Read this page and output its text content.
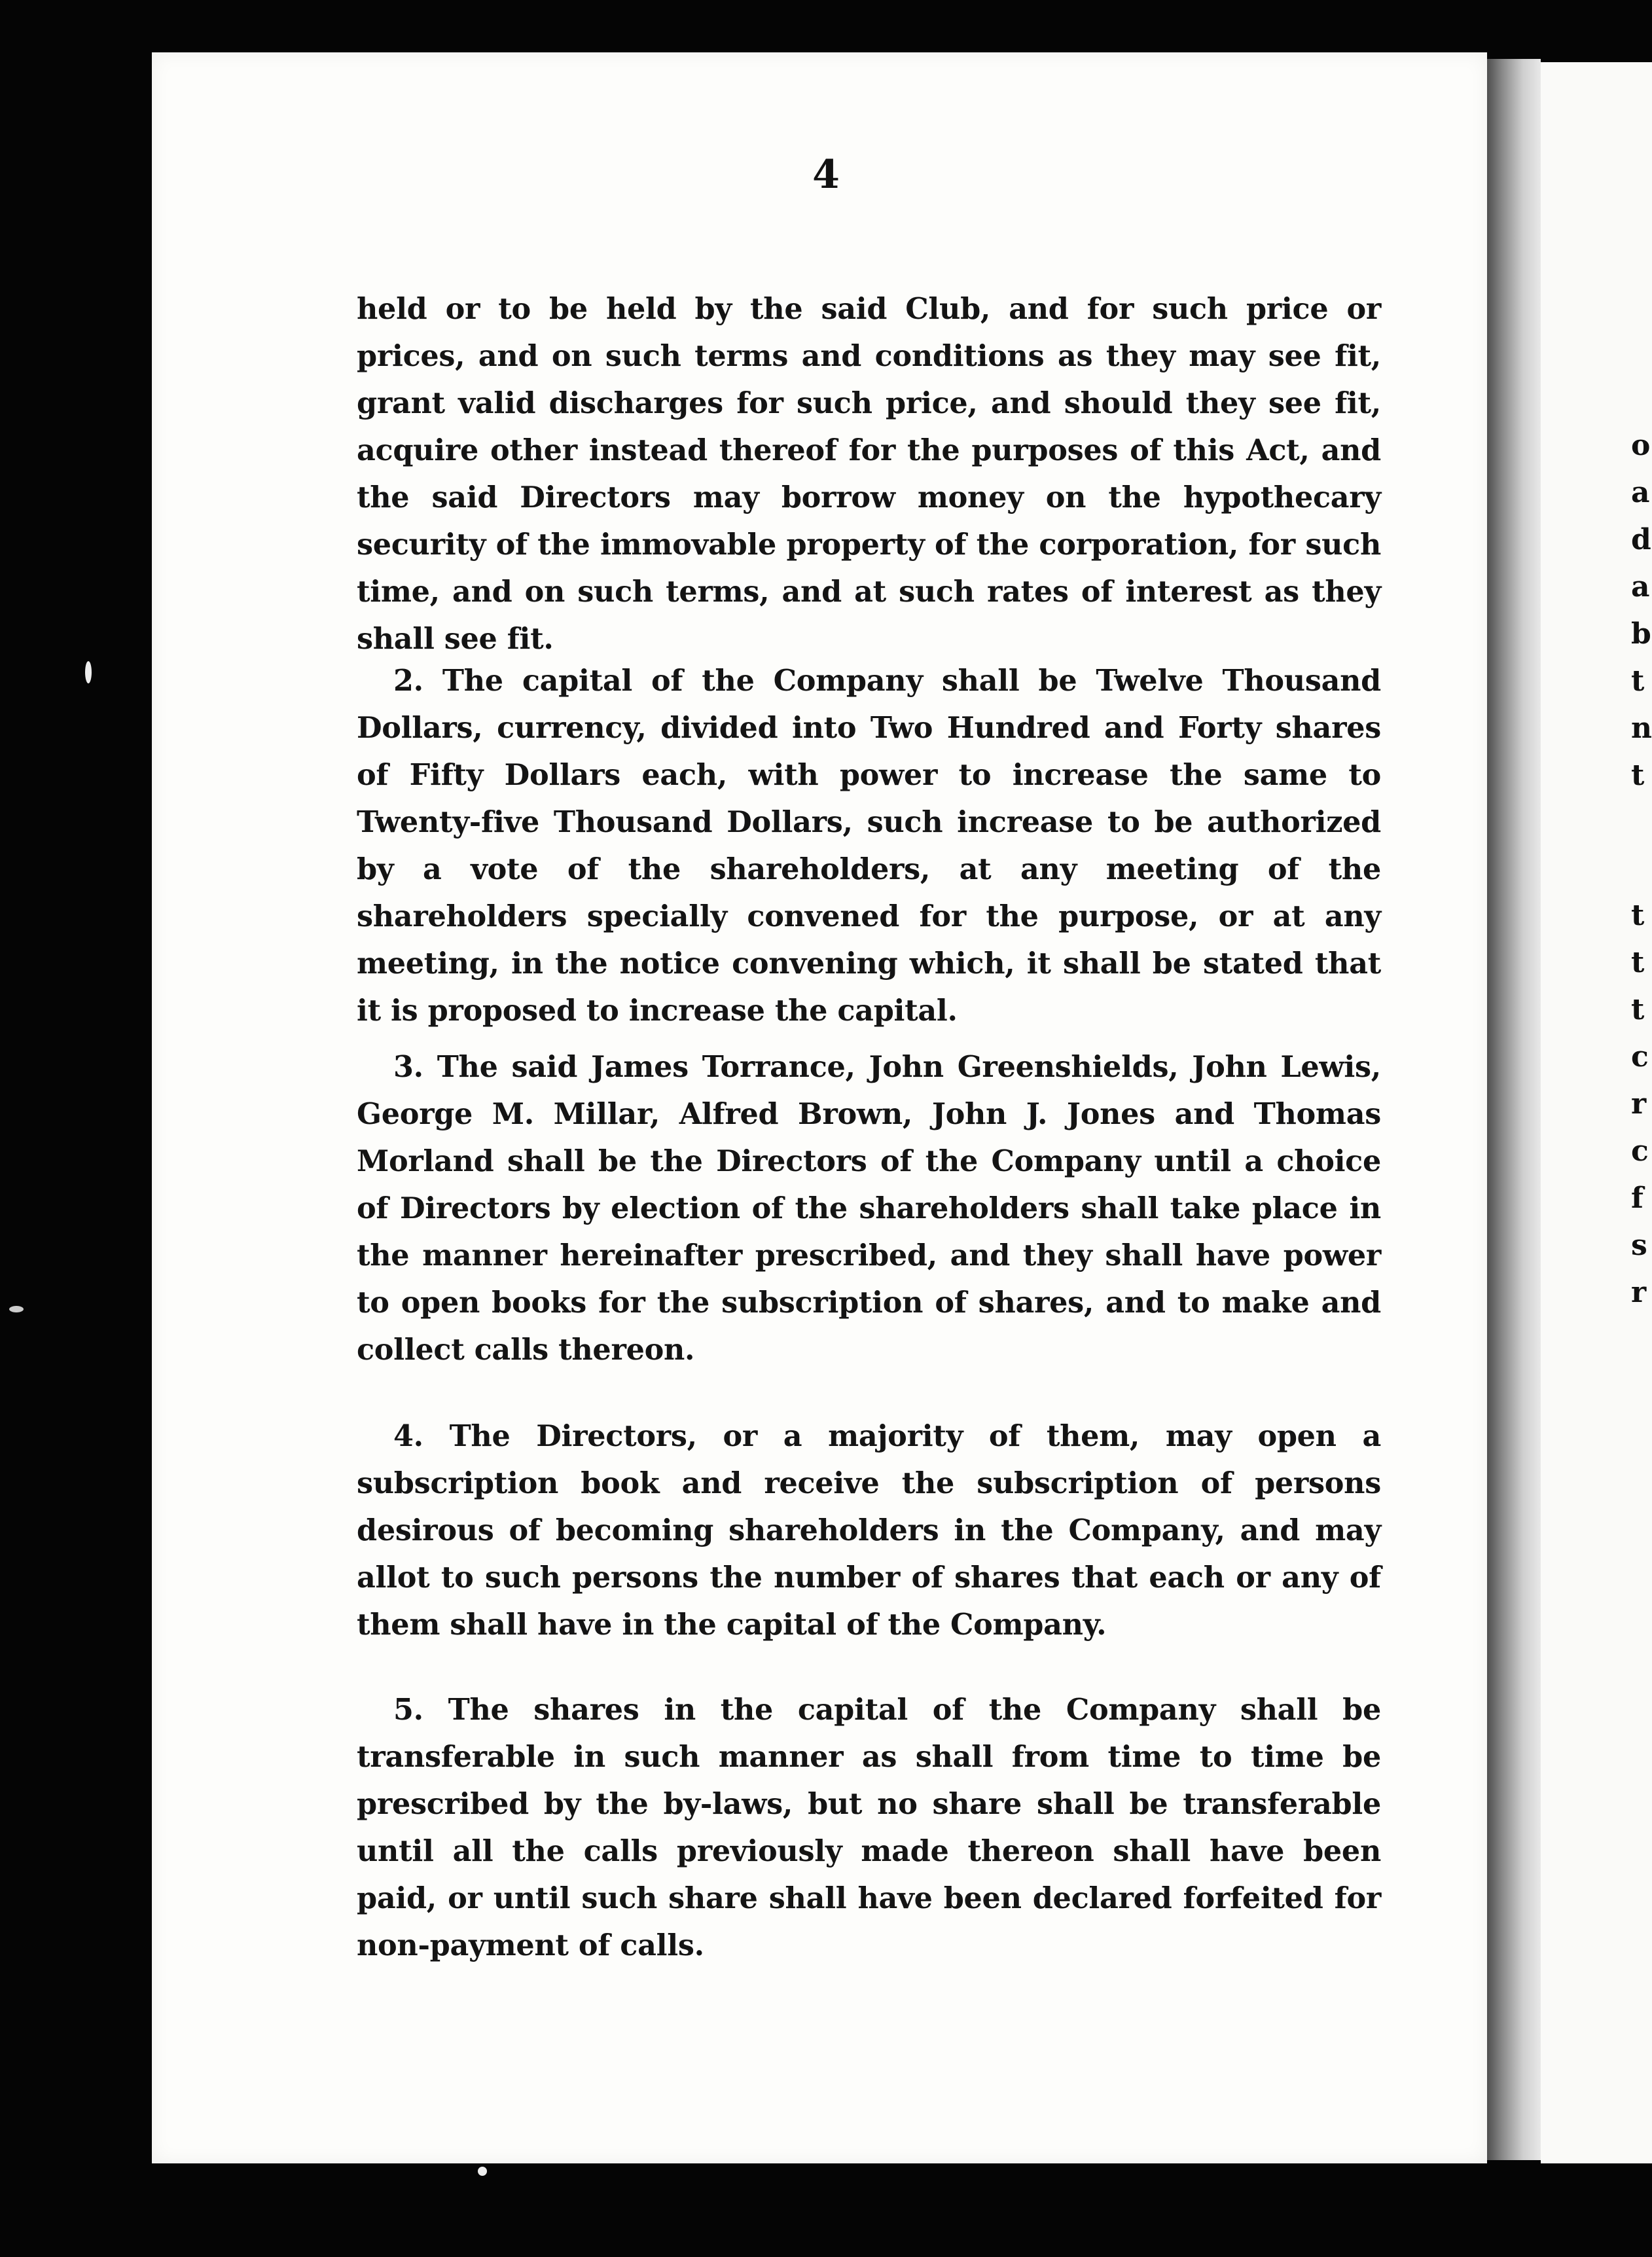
o
a
d
a
b
t
n
t
t
t
t
c
r
c
f
s
r
4

held or to be held by the said Club, and for such price or prices, and on such terms and conditions as they may see fit, grant valid discharges for such price, and should they see fit, acquire other instead thereof for the purposes of this Act, and the said Directors may borrow money on the hypothecary security of the immovable property of the corporation, for such time, and on such terms, and at such rates of interest as they shall see fit.

2. The capital of the Company shall be Twelve Thousand Dollars, currency, divided into Two Hundred and Forty shares of Fifty Dollars each, with power to increase the same to Twenty-five Thousand Dollars, such increase to be authorized by a vote of the shareholders, at any meeting of the shareholders specially convened for the purpose, or at any meeting, in the notice convening which, it shall be stated that it is proposed to increase the capital.

3. The said James Torrance, John Greenshields, John Lewis, George M. Millar, Alfred Brown, John J. Jones and Thomas Morland shall be the Directors of the Company until a choice of Directors by election of the shareholders shall take place in the manner hereinafter prescribed, and they shall have power to open books for the subscription of shares, and to make and collect calls thereon.

4. The Directors, or a majority of them, may open a subscription book and receive the subscription of persons desirous of becoming shareholders in the Company, and may allot to such persons the number of shares that each or any of them shall have in the capital of the Company.

5. The shares in the capital of the Company shall be transferable in such manner as shall from time to time be prescribed by the by-laws, but no share shall be transferable until all the calls previously made thereon shall have been paid, or until such share shall have been declared forfeited for non-payment of calls.
